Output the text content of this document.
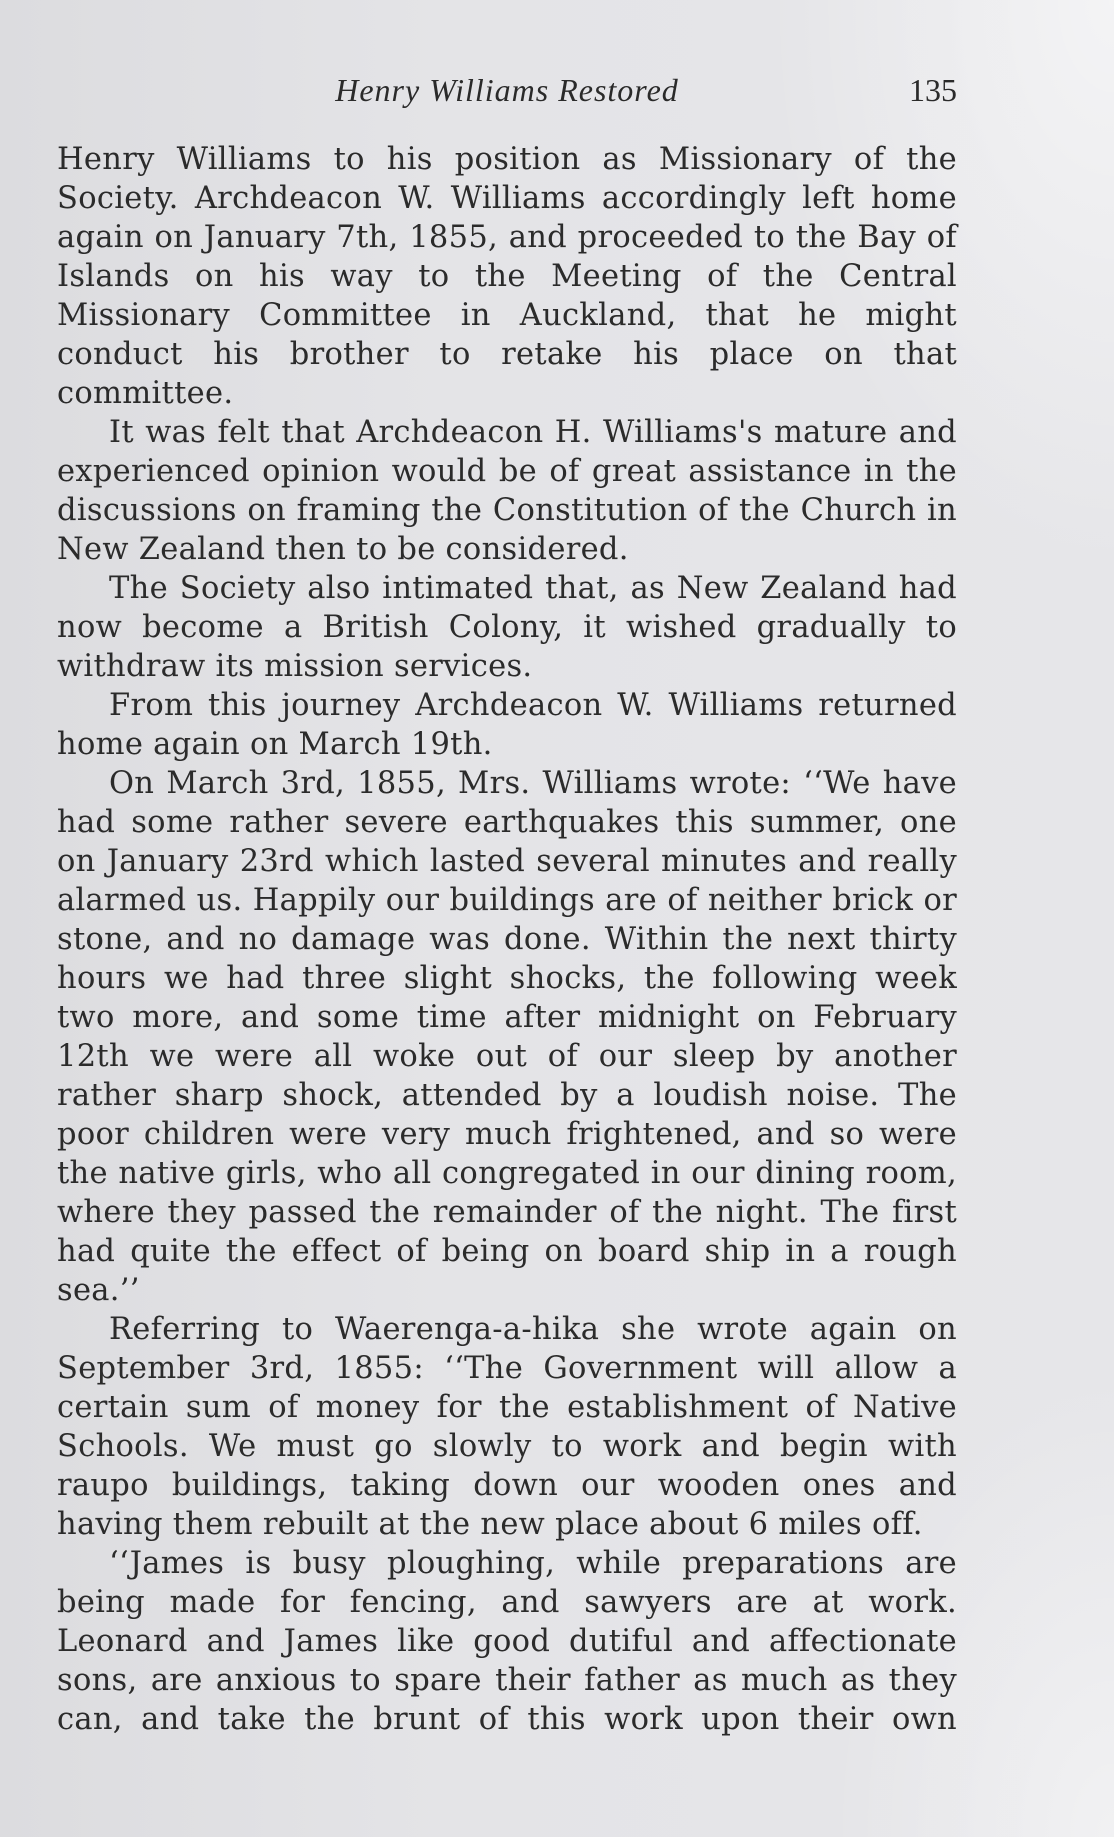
Henry Williams Restored	135

Henry Williams to his position as Missionary of the Society. Archdeacon W. Williams accordingly left home again on January 7th, 1855, and proceeded to the Bay of Islands on his way to the Meeting of the Central Missionary Committee in Auckland, that he might conduct his brother to retake his place on that committee.

It was felt that Archdeacon H. Williams's mature and experienced opinion would be of great assistance in the discussions on framing the Constitution of the Church in New Zealand then to be considered.

The Society also intimated that, as New Zealand had now become a British Colony, it wished gradually to withdraw its mission services.

From this journey Archdeacon W. Williams returned home again on March 19th.

On March 3rd, 1855, Mrs. Williams wrote: ‘‘We have had some rather severe earthquakes this summer, one on January 23rd which lasted several minutes and really alarmed us. Happily our buildings are of neither brick or stone, and no damage was done. Within the next thirty hours we had three slight shocks, the following week two more, and some time after midnight on February 12th we were all woke out of our sleep by another rather sharp shock, attended by a loudish noise. The poor children were very much frightened, and so were the native girls, who all congregated in our dining room, where they passed the remainder of the night. The first had quite the effect of being on board ship in a rough sea.’’

Referring to Waerenga-a-hika she wrote again on September 3rd, 1855: ‘‘The Government will allow a certain sum of money for the establishment of Native Schools. We must go slowly to work and begin with raupo buildings, taking down our wooden ones and having them rebuilt at the new place about 6 miles off.

‘‘James is busy ploughing, while preparations are being made for fencing, and sawyers are at work. Leonard and James like good dutiful and affectionate sons, are anxious to spare their father as much as they can, and take the brunt of this work upon their own
